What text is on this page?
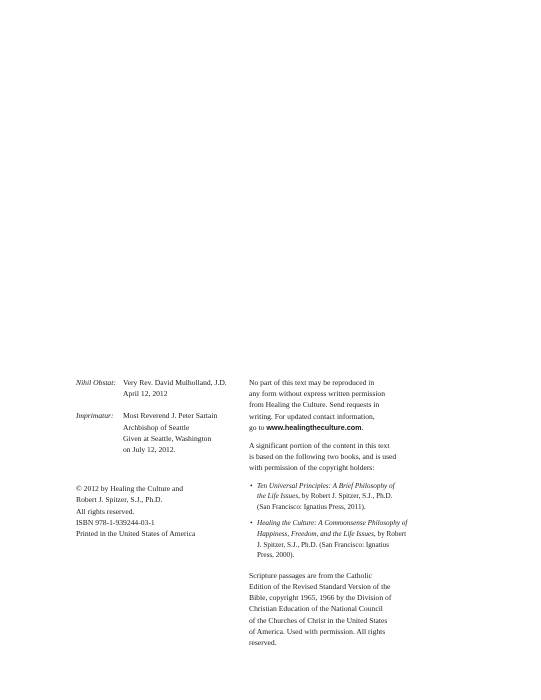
Nihil Obstat: Very Rev. David Mulholland, J.D.
April 12, 2012
Imprimatur: Most Reverend J. Peter Sartain
Archbishop of Seattle
Given at Seattle, Washington
on July 12, 2012.
© 2012 by Healing the Culture and
Robert J. Spitzer, S.J., Ph.D.
All rights reserved.
ISBN 978-1-939244-03-1
Printed in the United States of America
No part of this text may be reproduced in
any form without express written permission
from Healing the Culture. Send requests in
writing. For updated contact information,
go to www.healingtheculture.com.
A significant portion of the content in this text
is based on the following two books, and is used
with permission of the copyright holders:
• Ten Universal Principles: A Brief Philosophy of
the Life Issues, by Robert J. Spitzer, S.J., Ph.D.
(San Francisco: Ignatius Press, 2011).
• Healing the Culture: A Commonsense Philosophy of
Happiness, Freedom, and the Life Issues, by Robert
J. Spitzer, S.J., Ph.D. (San Francisco: Ignatius
Press, 2000).
Scripture passages are from the Catholic
Edition of the Revised Standard Version of the
Bible, copyright 1965, 1966 by the Division of
Christian Education of the National Council
of the Churches of Christ in the United States
of America. Used with permission. All rights
reserved.
